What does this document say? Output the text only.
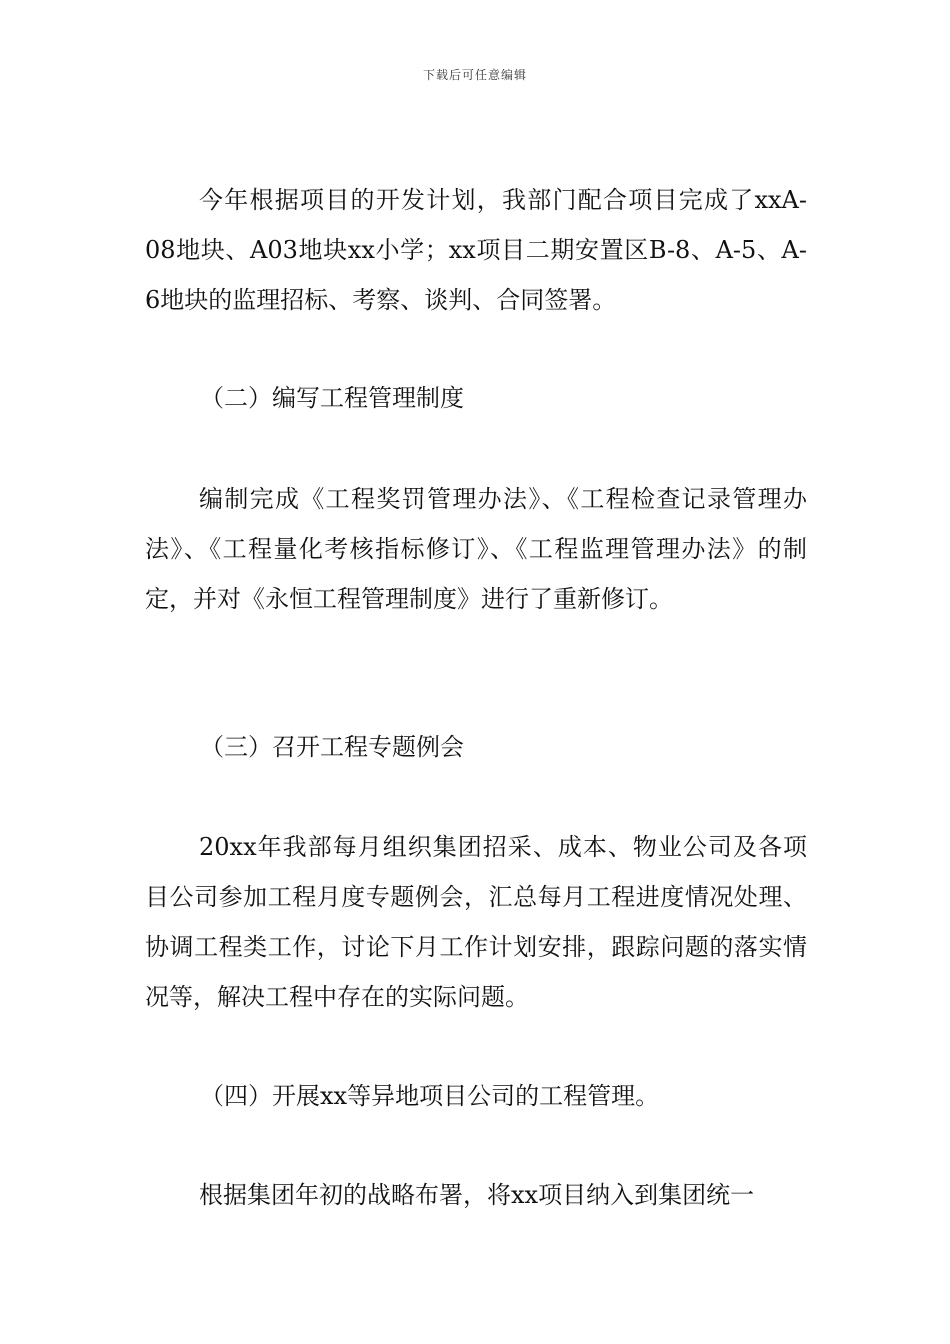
下载后可任意编辑

今年根据项目的开发计划，我部门配合项目完成了xxA-08地块、A03地块xx小学；xx项目二期安置区B-8、A-5、A-6地块的监理招标、考察、谈判、合同签署。

（二）编写工程管理制度

编制完成《工程奖罚管理办法》、《工程检查记录管理办法》、《工程量化考核指标修订》、《工程监理管理办法》的制定，并对《永恒工程管理制度》进行了重新修订。

（三）召开工程专题例会

20xx年我部每月组织集团招采、成本、物业公司及各项目公司参加工程月度专题例会，汇总每月工程进度情况处理、协调工程类工作，讨论下月工作计划安排，跟踪问题的落实情况等，解决工程中存在的实际问题。

（四）开展xx等异地项目公司的工程管理。

根据集团年初的战略布署，将xx项目纳入到集团统一
